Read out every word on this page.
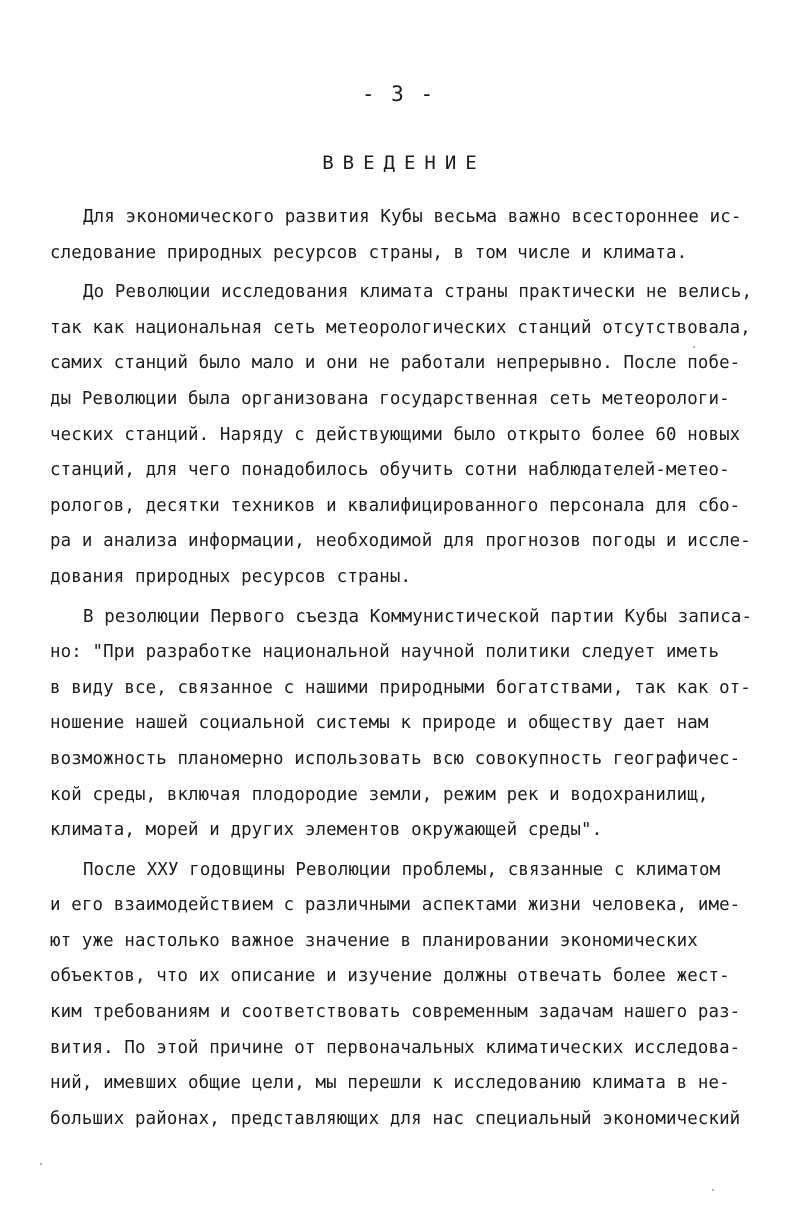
- 3 -
ВВЕДЕНИЕ
Для экономического развития Кубы весьма важно всестороннее ис-
следование природных ресурсов страны, в том числе и климата.
До Революции исследования климата страны практически не велись,
так как национальная сеть метеорологических станций отсутствовала,
самих станций было мало и они не работали непрерывно. После побе-
ды Революции была организована государственная сеть метеорологи-
ческих станций. Наряду с действующими было открыто более 60 новых
станций, для чего понадобилось обучить сотни наблюдателей-метео-
рологов, десятки техников и квалифицированного персонала для сбо-
ра и анализа информации, необходимой для прогнозов погоды и иссле-
дования природных ресурсов страны.
В резолюции Первого съезда Коммунистической партии Кубы записа-
но: "При разработке национальной научной политики следует иметь
в виду все, связанное с нашими природными богатствами, так как от-
ношение нашей социальной системы к природе и обществу дает нам
возможность планомерно использовать всю совокупность географичес-
кой среды, включая плодородие земли, режим рек и водохранилищ,
климата, морей и других элементов окружающей среды".
После XXУ годовщины Революции проблемы, связанные с климатом
и его взаимодействием с различными аспектами жизни человека, име-
ют уже настолько важное значение в планировании экономических
объектов, что их описание и изучение должны отвечать более жест-
ким требованиям и соответствовать современным задачам нашего раз-
вития. По этой причине от первоначальных климатических исследова-
ний, имевших общие цели, мы перешли к исследованию климата в не-
больших районах, представляющих для нас специальный экономический
